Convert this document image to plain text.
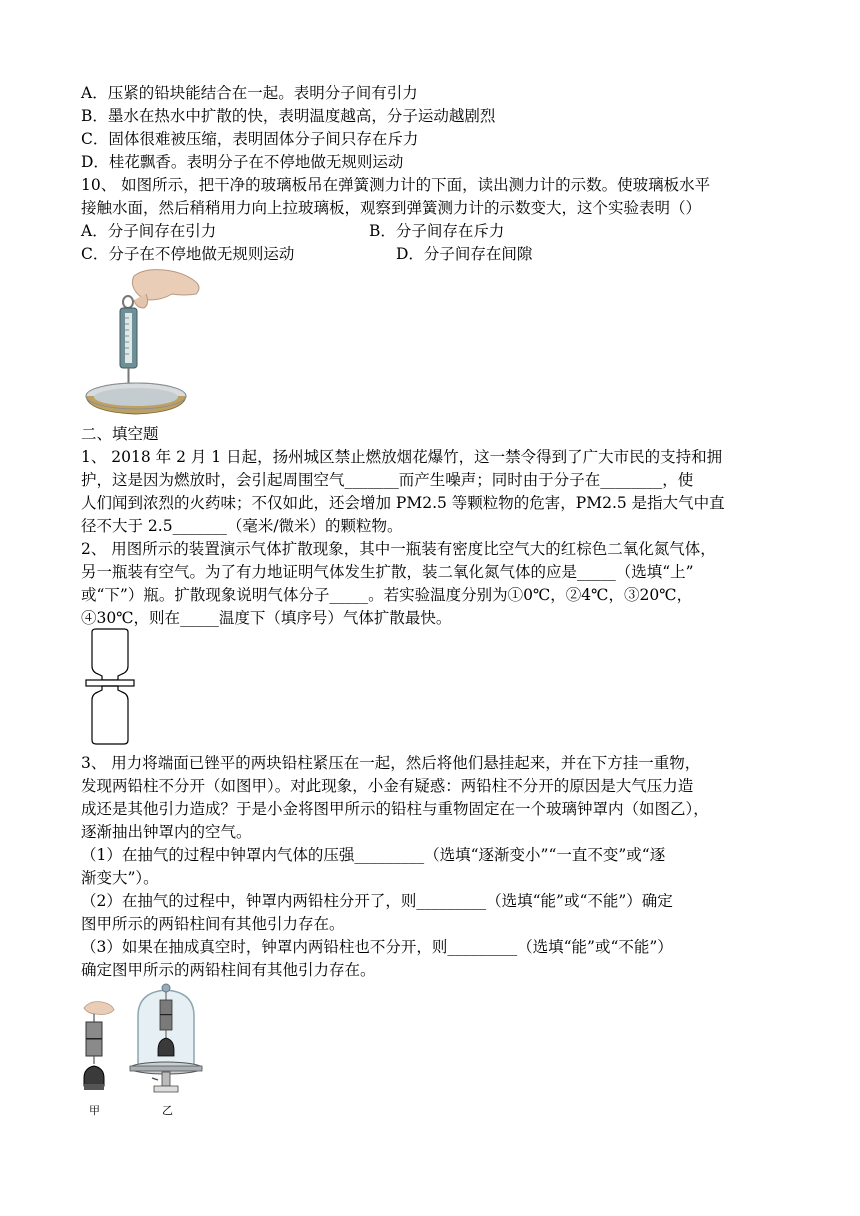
A．压紧的铅块能结合在一起。表明分子间有引力
B．墨水在热水中扩散的快，表明温度越高，分子运动越剧烈
C．固体很难被压缩，表明固体分子间只存在斥力
D．桂花飘香。表明分子在不停地做无规则运动
10、 如图所示，把干净的玻璃板吊在弹簧测力计的下面，读出测力计的示数。使玻璃板水平
接触水面，然后稍稍用力向上拉玻璃板，观察到弹簧测力计的示数变大，这个实验表明（）
A．分子间存在引力	B．分子间存在斥力
C．分子在不停地做无规则运动	D．分子间存在间隙
二、填空题
1、 2018 年 2 月 1 日起，扬州城区禁止燃放烟花爆竹，这一禁令得到了广大市民的支持和拥
护，这是因为燃放时，会引起周围空气_______而产生噪声；同时由于分子在________，使
人们闻到浓烈的火药味；不仅如此，还会增加 PM2.5 等颗粒物的危害，PM2.5 是指大气中直
径不大于 2.5_______（毫米/微米）的颗粒物。
2、 用图所示的装置演示气体扩散现象，其中一瓶装有密度比空气大的红棕色二氧化氮气体，
另一瓶装有空气。为了有力地证明气体发生扩散，装二氧化氮气体的应是_____（选填“上”
或“下”）瓶。扩散现象说明气体分子_____。若实验温度分别为①0℃，②4℃，③20℃，
④30℃，则在_____温度下（填序号）气体扩散最快。
3、 用力将端面已锉平的两块铅柱紧压在一起，然后将他们悬挂起来，并在下方挂一重物，
发现两铅柱不分开（如图甲）。对此现象，小金有疑惑：两铅柱不分开的原因是大气压力造
成还是其他引力造成？于是小金将图甲所示的铅柱与重物固定在一个玻璃钟罩内（如图乙），
逐渐抽出钟罩内的空气。
（1）在抽气的过程中钟罩内气体的压强_________（选填“逐渐变小”“一直不变”或“逐
渐变大”）。
（2）在抽气的过程中，钟罩内两铅柱分开了，则_________（选填“能”或“不能”）确定
图甲所示的两铅柱间有其他引力存在。
（3）如果在抽成真空时，钟罩内两铅柱也不分开，则_________（选填“能”或“不能”）
确定图甲所示的两铅柱间有其他引力存在。
甲	乙
